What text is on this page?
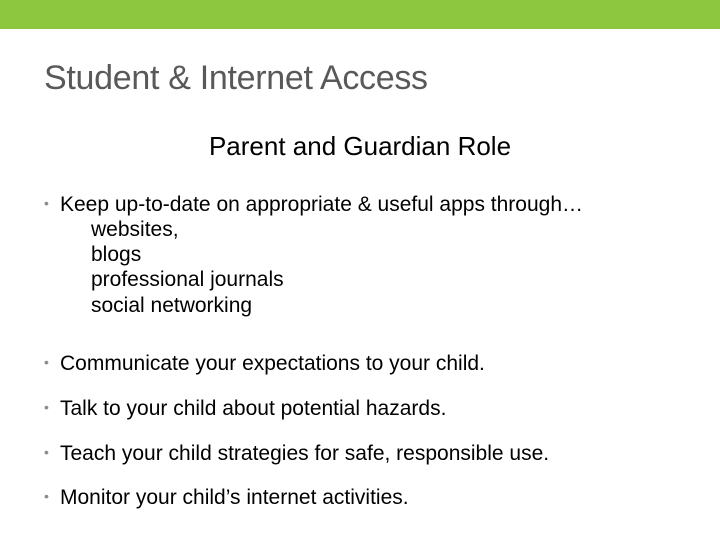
Student & Internet Access
Parent and Guardian Role
• Keep up-to-date on appropriate & useful apps through…
websites,
blogs
professional journals
social networking
• Communicate your expectations to your child.
• Talk to your child about potential hazards.
• Teach your child strategies for safe, responsible use.
• Monitor your child’s internet activities.
